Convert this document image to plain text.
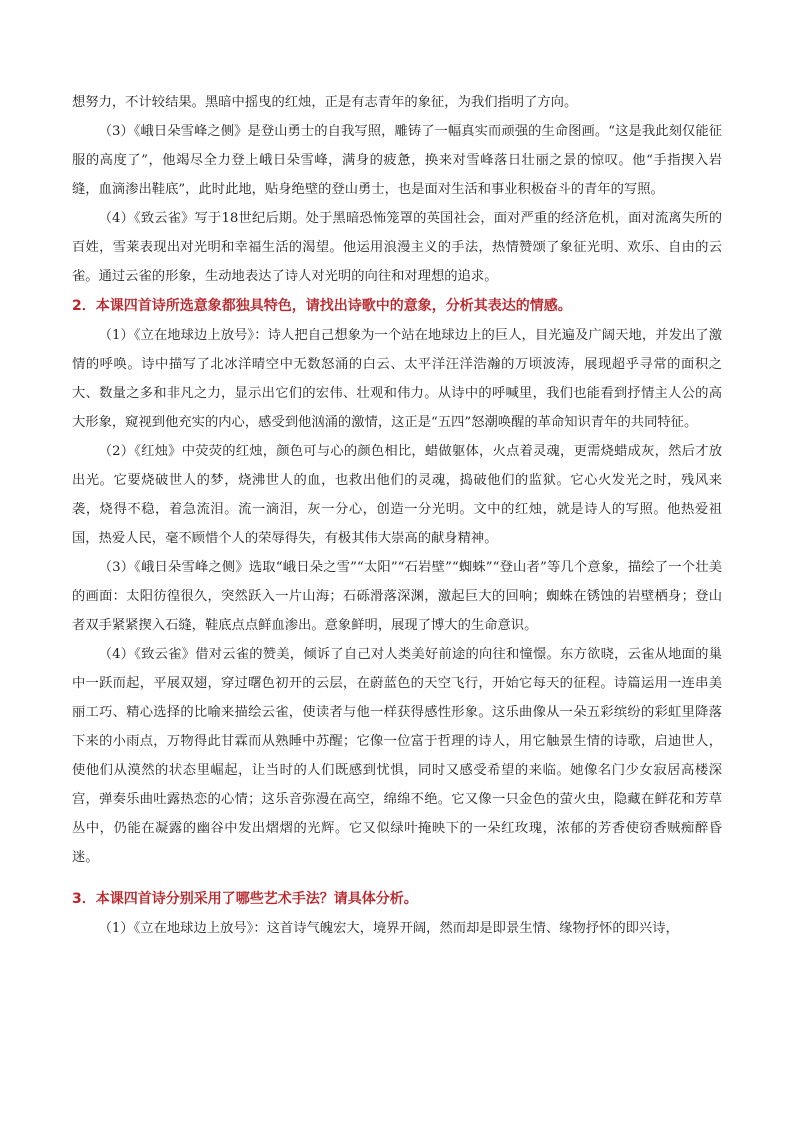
想努力，不计较结果。黑暗中摇曳的红烛，正是有志青年的象征，为我们指明了方向。

（3）《峨日朵雪峰之侧》是登山勇士的自我写照，雕铸了一幅真实而顽强的生命图画。“这是我此刻仅能征服的高度了”，他竭尽全力登上峨日朵雪峰，满身的疲惫，换来对雪峰落日壮丽之景的惊叹。他“手指揳入岩缝，血滴渗出鞋底”，此时此地，贴身绝壁的登山勇士，也是面对生活和事业积极奋斗的青年的写照。

（4）《致云雀》写于18世纪后期。处于黑暗恐怖笼罩的英国社会，面对严重的经济危机，面对流离失所的百姓，雪莱表现出对光明和幸福生活的渴望。他运用浪漫主义的手法，热情赞颂了象征光明、欢乐、自由的云雀。通过云雀的形象，生动地表达了诗人对光明的向往和对理想的追求。

2．本课四首诗所选意象都独具特色，请找出诗歌中的意象，分析其表达的情感。

（1）《立在地球边上放号》：诗人把自己想象为一个站在地球边上的巨人，目光遍及广阔天地，并发出了激情的呼唤。诗中描写了北冰洋晴空中无数怒涌的白云、太平洋汪洋浩瀚的万顷波涛，展现超乎寻常的面积之大、数量之多和非凡之力，显示出它们的宏伟、壮观和伟力。从诗中的呼喊里，我们也能看到抒情主人公的高大形象，窥视到他充实的内心，感受到他汹涌的激情，这正是“五四”怒潮唤醒的革命知识青年的共同特征。

（2）《红烛》中荧荧的红烛，颜色可与心的颜色相比，蜡做躯体，火点着灵魂，更需烧蜡成灰，然后才放出光。它要烧破世人的梦，烧沸世人的血，也救出他们的灵魂，捣破他们的监狱。它心火发光之时，残风来袭，烧得不稳，着急流泪。流一滴泪，灰一分心，创造一分光明。文中的红烛，就是诗人的写照。他热爱祖国，热爱人民，毫不顾惜个人的荣辱得失，有极其伟大崇高的献身精神。

（3）《峨日朵雪峰之侧》选取“峨日朵之雪”“太阳”“石岩壁”“蜘蛛”“登山者”等几个意象，描绘了一个壮美的画面：太阳彷徨很久，突然跃入一片山海；石砾滑落深渊，激起巨大的回响；蜘蛛在锈蚀的岩壁栖身；登山者双手紧紧揳入石缝，鞋底点点鲜血渗出。意象鲜明，展现了博大的生命意识。

（4）《致云雀》借对云雀的赞美，倾诉了自己对人类美好前途的向往和憧憬。东方欲晓，云雀从地面的巢中一跃而起，平展双翅，穿过曙色初开的云层，在蔚蓝色的天空飞行，开始它每天的征程。诗篇运用一连串美丽工巧、精心选择的比喻来描绘云雀，使读者与他一样获得感性形象。这乐曲像从一朵五彩缤纷的彩虹里降落下来的小雨点，万物得此甘霖而从熟睡中苏醒；它像一位富于哲理的诗人，用它触景生情的诗歌，启迪世人，使他们从漠然的状态里崛起，让当时的人们既感到忧惧，同时又感受希望的来临。她像名门少女寂居高楼深宫，弹奏乐曲吐露热恋的心情；这乐音弥漫在高空，绵绵不绝。它又像一只金色的萤火虫，隐藏在鲜花和芳草丛中，仍能在凝露的幽谷中发出熠熠的光辉。它又似绿叶掩映下的一朵红玫瑰，浓郁的芳香使窃香贼痴醉昏迷。

3．本课四首诗分别采用了哪些艺术手法？请具体分析。

（1）《立在地球边上放号》：这首诗气魄宏大，境界开阔，然而却是即景生情、缘物抒怀的即兴诗，
